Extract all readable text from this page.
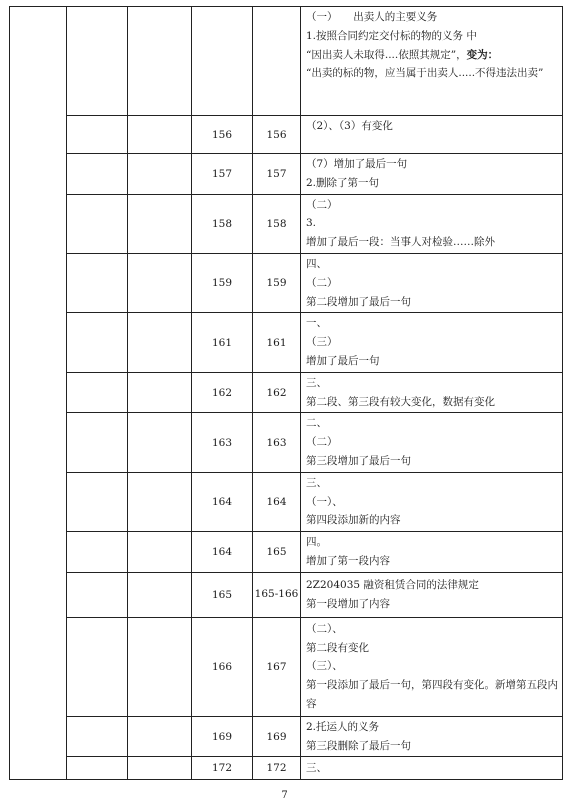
					（一）　　出卖人的主要义务
1.按照合同约定交付标的物的义务 中
“因出卖人未取得....依照其规定”，变为：
“出卖的标的物，应当属于出卖人.....不得违法出卖”

			156	156	（2）、（3）有变化

			157	157	（7）增加了最后一句
2.删除了第一句

			158	158	（二）
3.
增加了最后一段：当事人对检验……除外

			159	159	四、
（二）
第二段增加了最后一句

			161	161	一、
（三）
增加了最后一句

			162	162	三、
第二段、第三段有较大变化，数据有变化

			163	163	二、
（二）
第三段增加了最后一句

			164	164	三、
（一）、
第四段添加新的内容

			164	165	四。
增加了第一段内容

			165	165-166	2Z204035 融资租赁合同的法律规定
第一段增加了内容

			166	167	（二）、
第二段有变化
（三）、
第一段添加了最后一句，第四段有变化。新增第五段内容

			169	169	2.托运人的义务
第三段删除了最后一句

			172	172	三、
7
